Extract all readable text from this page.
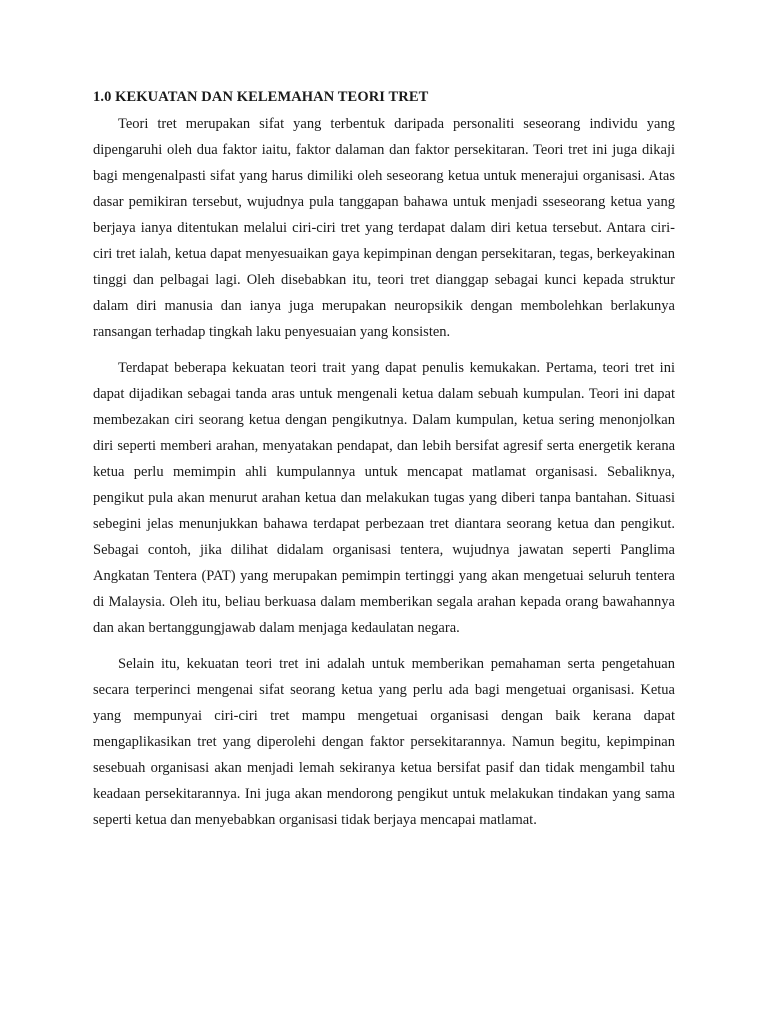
1.0 KEKUATAN DAN KELEMAHAN TEORI TRET

Teori tret merupakan sifat yang terbentuk daripada personaliti seseorang individu yang dipengaruhi oleh dua faktor iaitu, faktor dalaman dan faktor persekitaran. Teori tret ini juga dikaji bagi mengenalpasti sifat yang harus dimiliki oleh seseorang ketua untuk menerajui organisasi. Atas dasar pemikiran tersebut, wujudnya pula tanggapan bahawa untuk menjadi sseseorang ketua yang berjaya ianya ditentukan melalui ciri-ciri tret yang terdapat dalam diri ketua tersebut. Antara ciri-ciri tret ialah, ketua dapat menyesuaikan gaya kepimpinan dengan persekitaran, tegas, berkeyakinan tinggi dan pelbagai lagi. Oleh disebabkan itu, teori tret dianggap sebagai kunci kepada struktur dalam diri manusia dan ianya juga merupakan neuropsikik dengan membolehkan berlakunya ransangan terhadap tingkah laku penyesuaian yang konsisten.

Terdapat beberapa kekuatan teori trait yang dapat penulis kemukakan. Pertama, teori tret ini dapat dijadikan sebagai tanda aras untuk mengenali ketua dalam sebuah kumpulan. Teori ini dapat membezakan ciri seorang ketua dengan pengikutnya. Dalam kumpulan, ketua sering menonjolkan diri seperti memberi arahan, menyatakan pendapat, dan lebih bersifat agresif serta energetik kerana ketua perlu memimpin ahli kumpulannya untuk mencapat matlamat organisasi. Sebaliknya, pengikut pula akan menurut arahan ketua dan melakukan tugas yang diberi tanpa bantahan. Situasi sebegini jelas menunjukkan bahawa terdapat perbezaan tret diantara seorang ketua dan pengikut. Sebagai contoh, jika dilihat didalam organisasi tentera, wujudnya jawatan seperti Panglima Angkatan Tentera (PAT) yang merupakan pemimpin tertinggi yang akan mengetuai seluruh tentera di Malaysia. Oleh itu, beliau berkuasa dalam memberikan segala arahan kepada orang bawahannya dan akan bertanggungjawab dalam menjaga kedaulatan negara.

Selain itu, kekuatan teori tret ini adalah untuk memberikan pemahaman serta pengetahuan secara terperinci mengenai sifat seorang ketua yang perlu ada bagi mengetuai organisasi. Ketua yang mempunyai ciri-ciri tret mampu mengetuai organisasi dengan baik kerana dapat mengaplikasikan tret yang diperolehi dengan faktor persekitarannya. Namun begitu, kepimpinan sesebuah organisasi akan menjadi lemah sekiranya ketua bersifat pasif dan tidak mengambil tahu keadaan persekitarannya. Ini juga akan mendorong pengikut untuk melakukan tindakan yang sama seperti ketua dan menyebabkan organisasi tidak berjaya mencapai matlamat.
